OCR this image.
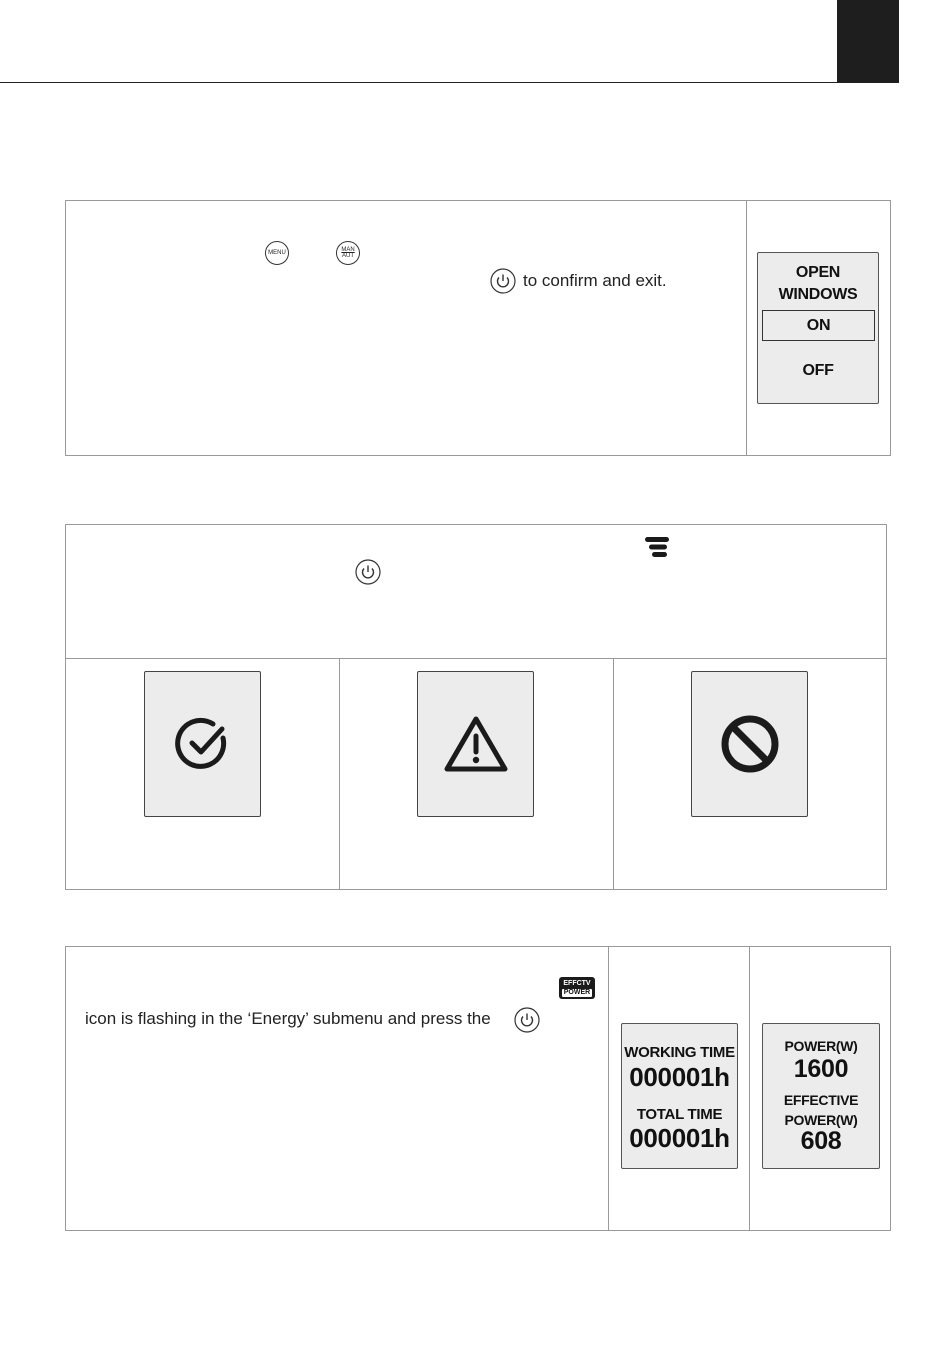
MENU	MAN
AUT
to confirm and exit.	OPEN
WINDOWS
ON
OFF
EFFCTV
POWER
icon is flashing in the ‘Energy’ submenu and press the
WORKING TIME
000001h
TOTAL TIME
000001h
POWER(W)
1600
EFFECTIVE
POWER(W)
608
